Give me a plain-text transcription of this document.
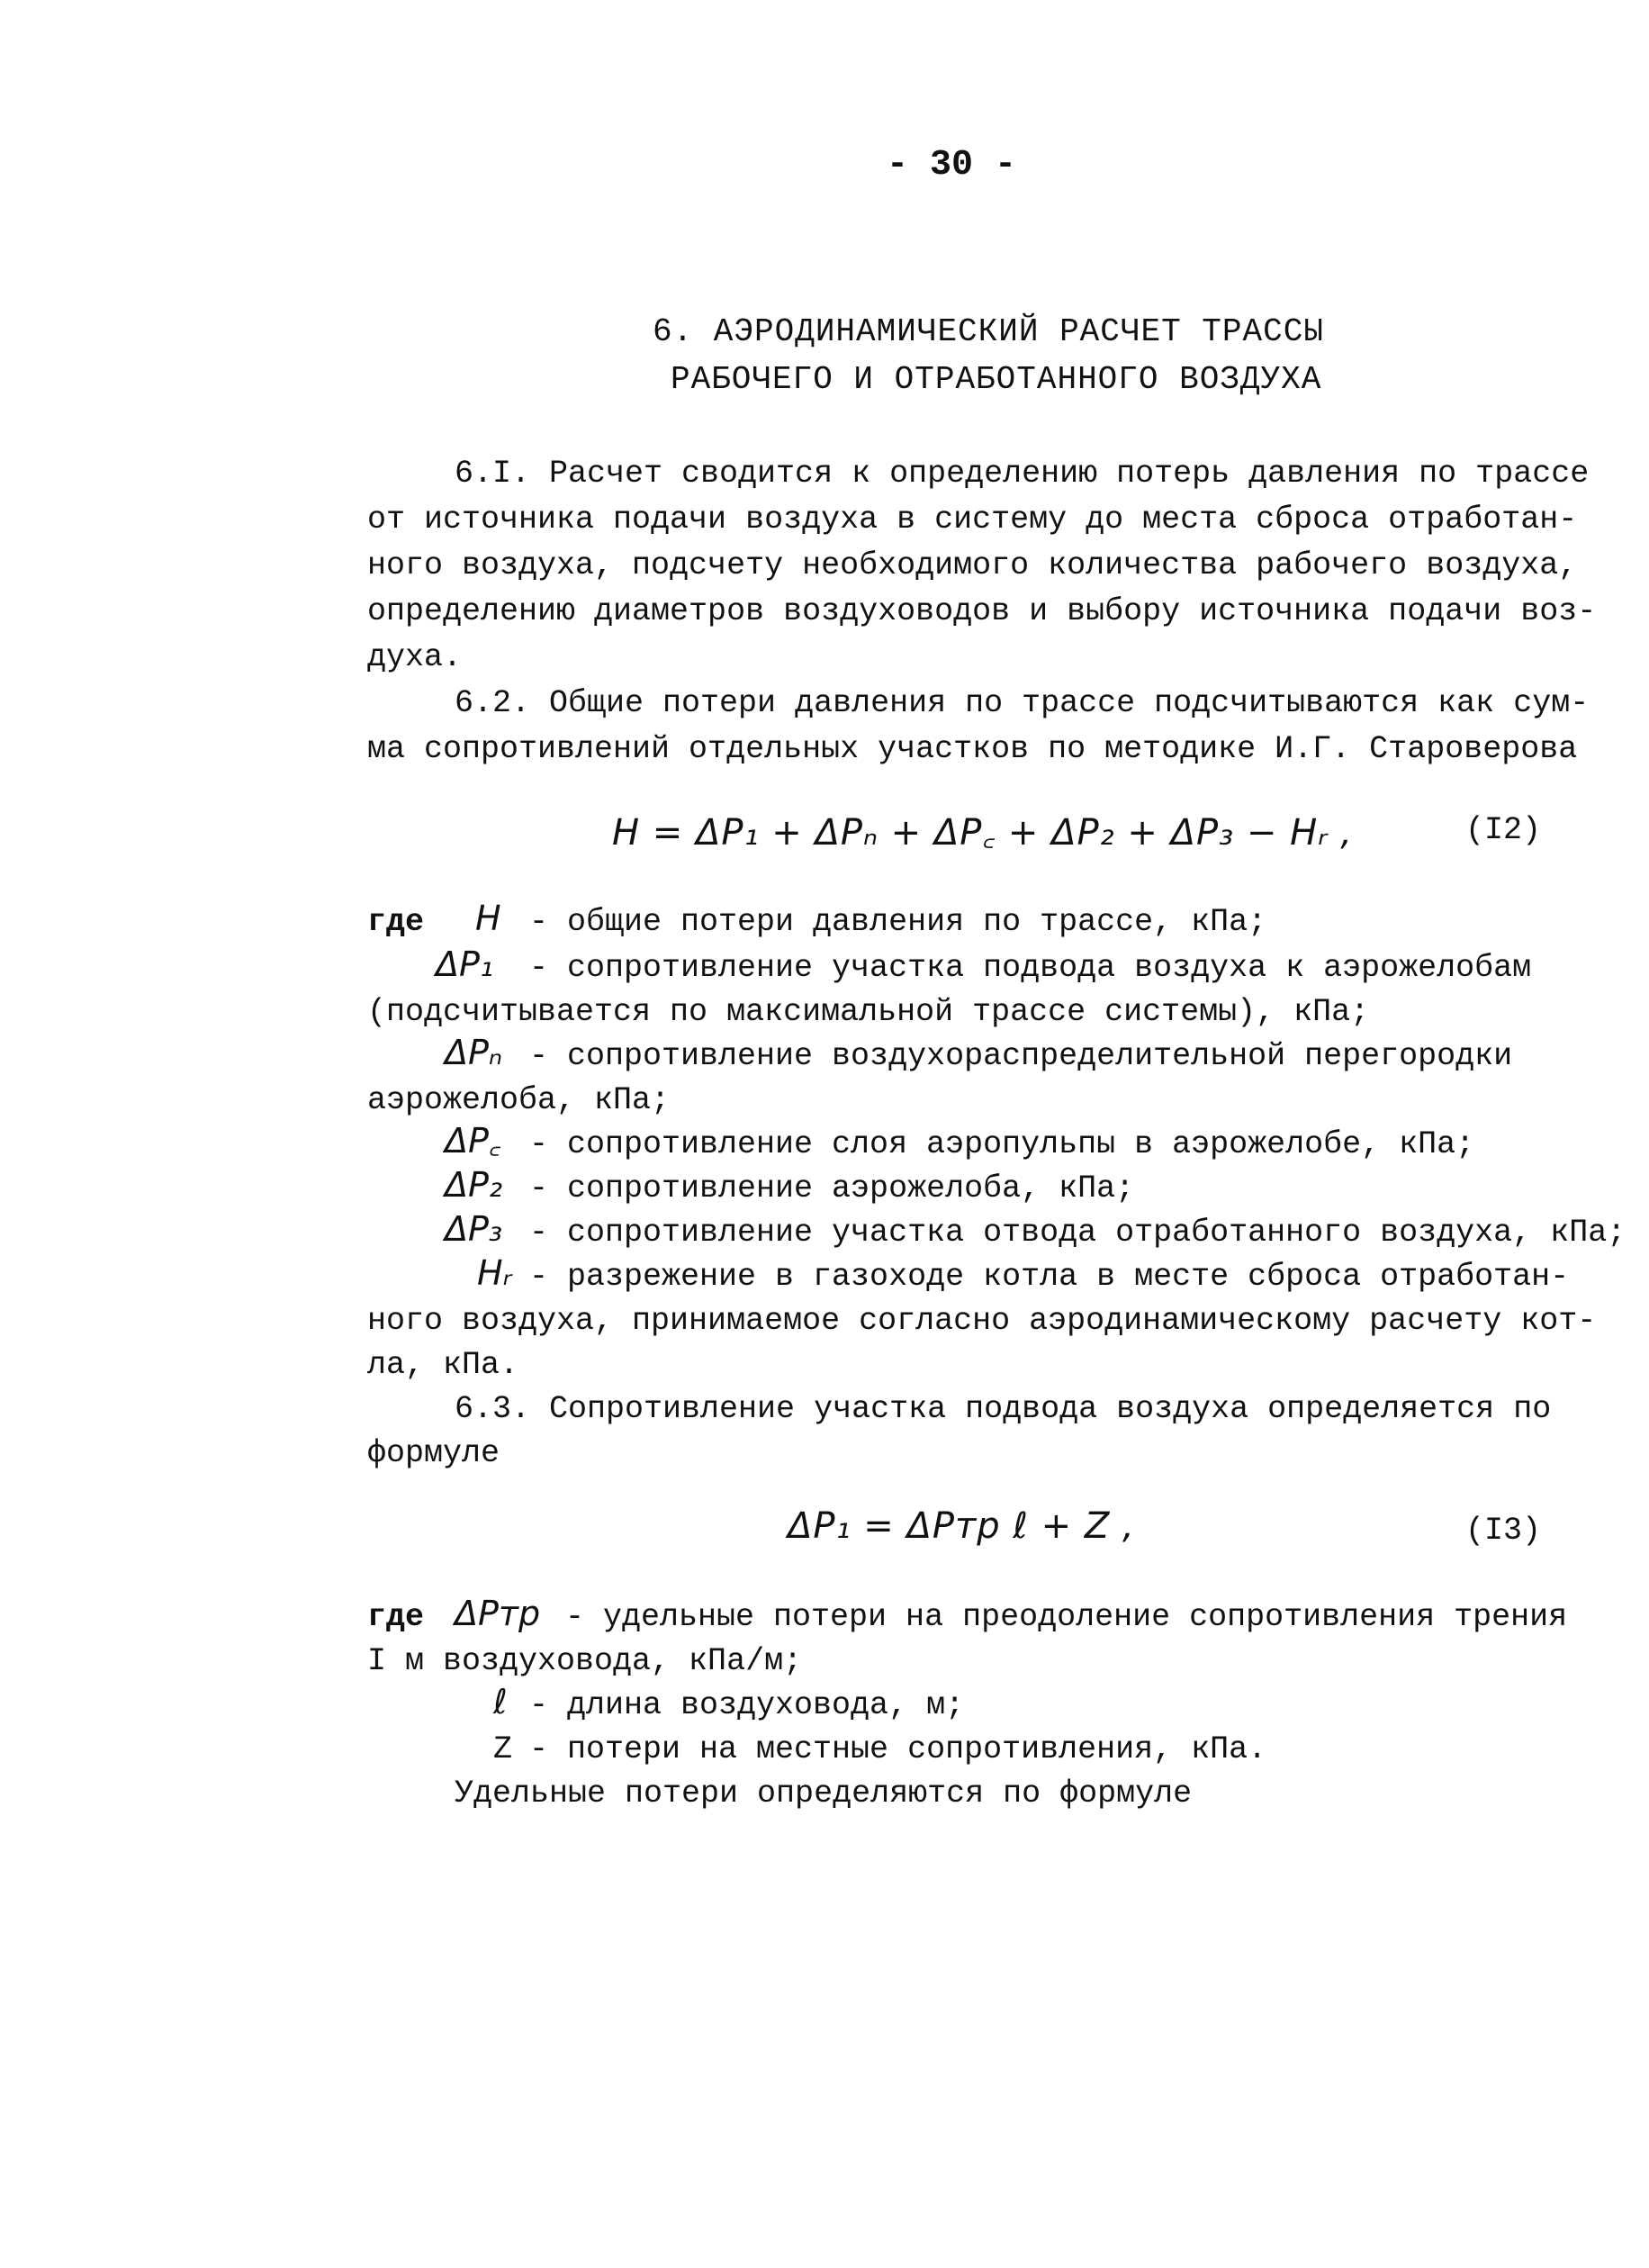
- 30 -
6. АЭРОДИНАМИЧЕСКИЙ РАСЧЕТ ТРАССЫ
РАБОЧЕГО И ОТРАБОТАННОГО ВОЗДУХА
6.I. Расчет сводится к определению потерь давления по трассе
от источника подачи воздуха в систему до места сброса отработан-
ного воздуха, подсчету необходимого количества рабочего воздуха,
определению диаметров воздуховодов и выбору источника подачи воз-
духа.
6.2. Общие потери давления по трассе подсчитываются как сум-
ма сопротивлений отдельных участков по методике И.Г. Староверова
H = ΔP₁ + ΔPₙ + ΔP꜀ + ΔP₂ + ΔP₃ − Hᵣ ,	(I2)
где H - общие потери давления по трассе, кПа;
ΔP₁ - сопротивление участка подвода воздуха к аэрожелобам
(подсчитывается по максимальной трассе системы), кПа;
ΔPₙ - сопротивление воздухораспределительной перегородки
аэрожелоба, кПа;
ΔP꜀ - сопротивление слоя аэропульпы в аэрожелобе, кПа;
ΔP₂ - сопротивление аэрожелоба, кПа;
ΔP₃ - сопротивление участка отвода отработанного воздуха, кПа;
Hᵣ - разрежение в газоходе котла в месте сброса отработан-
ного воздуха, принимаемое согласно аэродинамическому расчету кот-
ла, кПа.
6.3. Сопротивление участка подвода воздуха определяется по
формуле
ΔP₁ = ΔPтр ℓ + Z ,	(I3)
где ΔPтр - удельные потери на преодоление сопротивления трения
I м воздуховода, кПа/м;
ℓ - длина воздуховода, м;
Z - потери на местные сопротивления, кПа.
Удельные потери определяются по формуле
